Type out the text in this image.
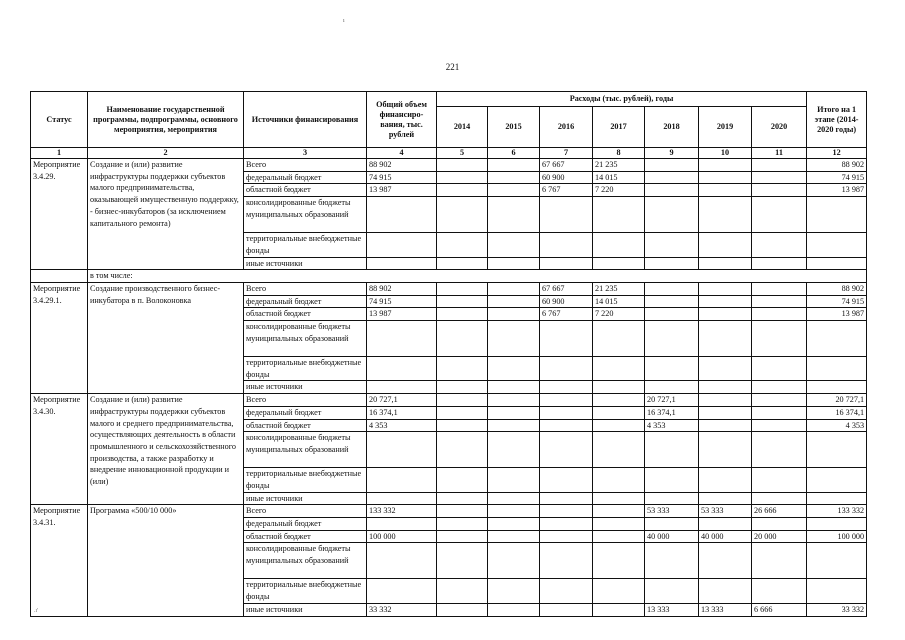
ı
221
Статус	Наименование государственной программы, подпрограммы, основного мероприятия, мероприятия	Источники финансирования	Общий объем финансиро-вания, тыс. рублей	Расходы (тыс. рублей), годы							Итого на 1 этапе (2014-2020 годы)
				2014	2015	2016	2017	2018	2019	2020	
1	2	3	4	5	6	7	8	9	10	11	12
Мероприятие 3.4.29.	Создание и (или) развитие инфраструктуры поддержки субъектов малого предпринимательства, оказывающей имущественную поддержку, - бизнес-инкубаторов (за исключением капитального ремонта)	Всего	88 902			67 667	21 235				88 902
		федеральный бюджет	74 915			60 900	14 015				74 915
		областной бюджет	13 987			6 767	7 220				13 987
		консолидированные бюджеты муниципальных образований									
		территориальные внебюджетные фонды									
		иные источники									
	в том числе:										
Мероприятие 3.4.29.1.	Создание производственного бизнес-инкубатора в п. Волоконовка	Всего	88 902			67 667	21 235				88 902
		федеральный бюджет	74 915			60 900	14 015				74 915
		областной бюджет	13 987			6 767	7 220				13 987
		консолидированные бюджеты муниципальных образований									
		территориальные внебюджетные фонды									
		иные источники									
Мероприятие 3.4.30.	Создание и (или) развитие инфраструктуры поддержки субъектов малого и среднего предпринимательства, осуществляющих деятельность в области промышленного и сельскохозяйственного производства, а также разработку и внедрение инновационной продукции и (или)	Всего	20 727,1					20 727,1			20 727,1
		федеральный бюджет	16 374,1					16 374,1			16 374,1
		областной бюджет	4 353					4 353			4 353
		консолидированные бюджеты муниципальных образований									
		территориальные внебюджетные фонды									
		иные источники									
Мероприятие 3.4.31.	Программа «500/10 000»	Всего	133 332					53 333	53 333	26 666	133 332
		федеральный бюджет									
		областной бюджет	100 000					40 000	40 000	20 000	100 000
		консолидированные бюджеты муниципальных образований									
		территориальные внебюджетные фонды									
		иные источники	33 332					13 333	13 333	6 666	33 332
.ı'
